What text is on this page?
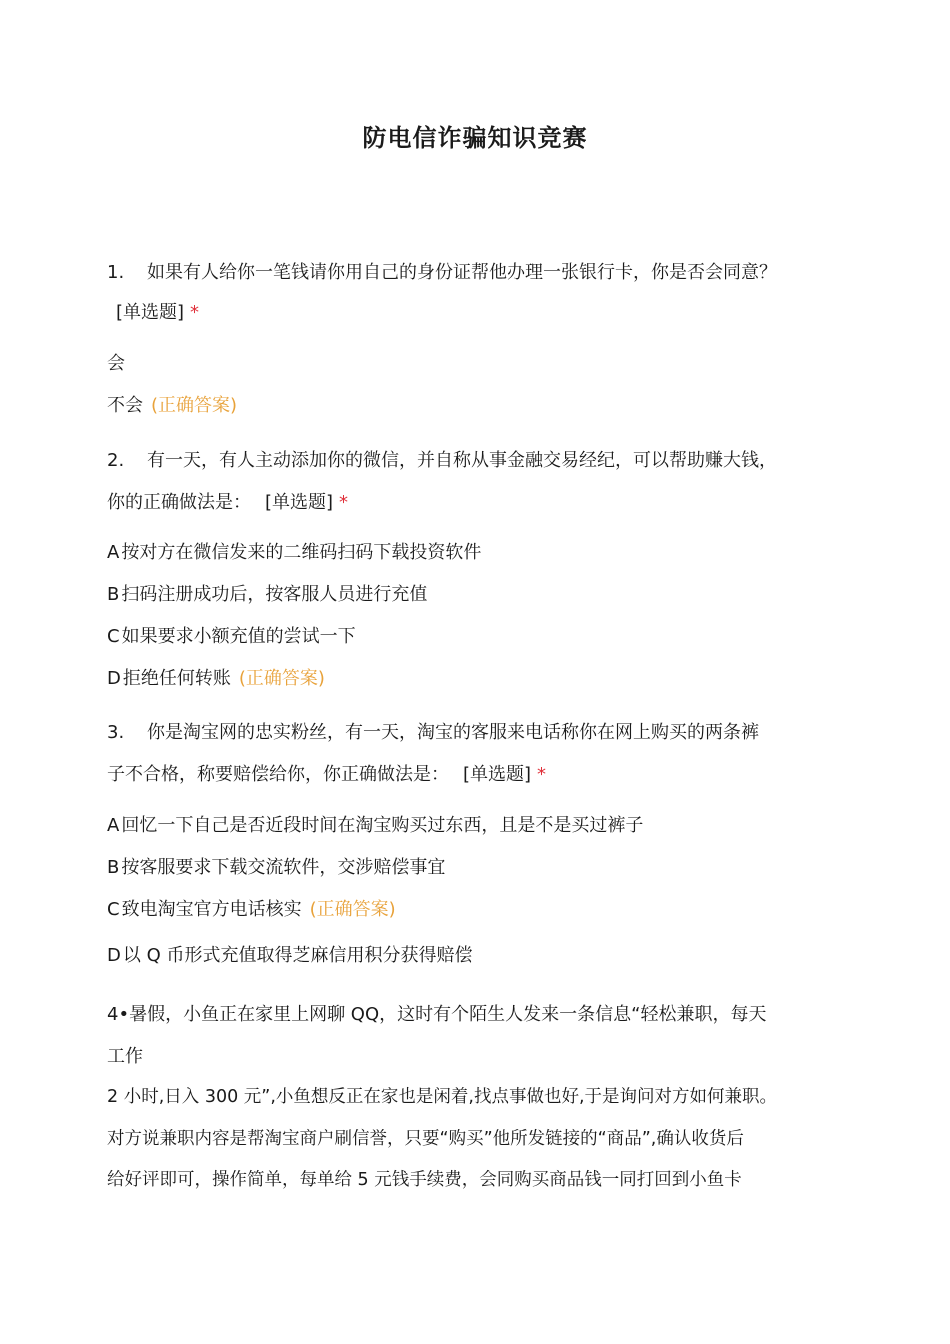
防电信诈骗知识竞赛
1. 如果有人给你一笔钱请你用自己的身份证帮他办理一张银行卡，你是否会同意？
[单选题] *
会
不会 (正确答案)
2. 有一天，有人主动添加你的微信，并自称从事金融交易经纪，可以帮助赚大钱，
你的正确做法是： [单选题] *
A 按对方在微信发来的二维码扫码下载投资软件
B 扫码注册成功后，按客服人员进行充值
C 如果要求小额充值的尝试一下
D 拒绝任何转账 (正确答案)
3. 你是淘宝网的忠实粉丝，有一天，淘宝的客服来电话称你在网上购买的两条裤
子不合格，称要赔偿给你，你正确做法是： [单选题] *
A 回忆一下自己是否近段时间在淘宝购买过东西，且是不是买过裤子
B 按客服要求下载交流软件，交涉赔偿事宜
C 致电淘宝官方电话核实 (正确答案)
D 以 Q 币形式充值取得芝麻信用积分获得赔偿
4•暑假，小鱼正在家里上网聊 QQ，这时有个陌生人发来一条信息“轻松兼职，每天
工作
2 小时,日入 300 元”,小鱼想反正在家也是闲着,找点事做也好,于是询问对方如何兼职。
对方说兼职内容是帮淘宝商户刷信誉，只要“购买”他所发链接的“商品”,确认收货后
给好评即可，操作简单，每单给 5 元钱手续费，会同购买商品钱一同打回到小鱼卡
